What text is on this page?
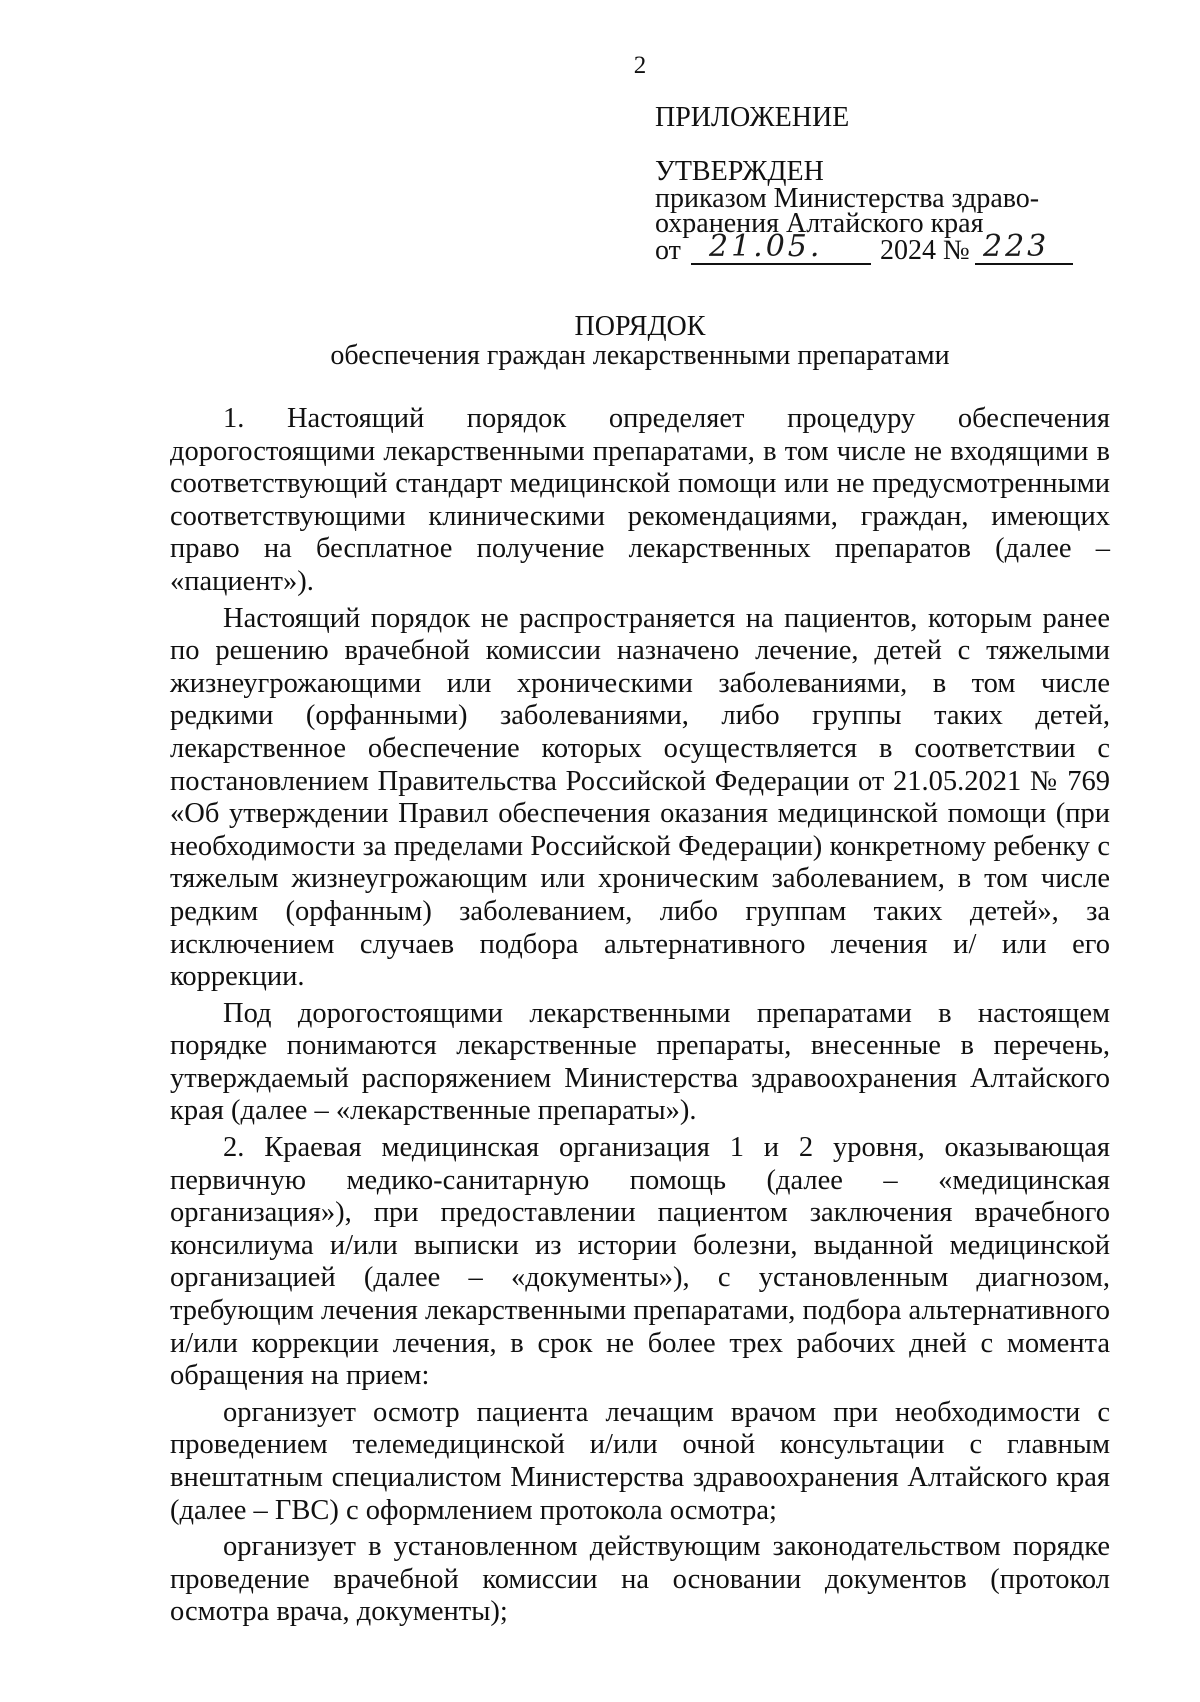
2
ПРИЛОЖЕНИЕ
УТВЕРЖДЕН
приказом Министерства здраво-
охранения Алтайского края
от 21.05. 2024 № 223
ПОРЯДОК
обеспечения граждан лекарственными препаратами

1. Настоящий порядок определяет процедуру обеспечения дорогостоящими лекарственными препаратами, в том числе не входящими в соответствующий стандарт медицинской помощи или не предусмотренными соответствующими клиническими рекомендациями, граждан, имеющих право на бесплатное получение лекарственных препаратов (далее – «пациент»).

Настоящий порядок не распространяется на пациентов, которым ранее по решению врачебной комиссии назначено лечение, детей с тяжелыми жизнеугрожающими или хроническими заболеваниями, в том числе редкими (орфанными) заболеваниями, либо группы таких детей, лекарственное обеспечение которых осуществляется в соответствии с постановлением Правительства Российской Федерации от 21.05.2021 № 769 «Об утверждении Правил обеспечения оказания медицинской помощи (при необходимости за пределами Российской Федерации) конкретному ребенку с тяжелым жизнеугрожающим или хроническим заболеванием, в том числе редким (орфанным) заболеванием, либо группам таких детей», за исключением случаев подбора альтернативного лечения и/ или его коррекции.

Под дорогостоящими лекарственными препаратами в настоящем порядке понимаются лекарственные препараты, внесенные в перечень, утверждаемый распоряжением Министерства здравоохранения Алтайского края (далее – «лекарственные препараты»).

2. Краевая медицинская организация 1 и 2 уровня, оказывающая первичную медико-санитарную помощь (далее – «медицинская организация»), при предоставлении пациентом заключения врачебного консилиума и/или выписки из истории болезни, выданной медицинской организацией (далее – «документы»), с установленным диагнозом, требующим лечения лекарственными препаратами, подбора альтернативного и/или коррекции лечения, в срок не более трех рабочих дней с момента обращения на прием:

организует осмотр пациента лечащим врачом при необходимости с проведением телемедицинской и/или очной консультации с главным внештатным специалистом Министерства здравоохранения Алтайского края (далее – ГВС) с оформлением протокола осмотра;

организует в установленном действующим законодательством порядке проведение врачебной комиссии на основании документов (протокол осмотра врача, документы);
